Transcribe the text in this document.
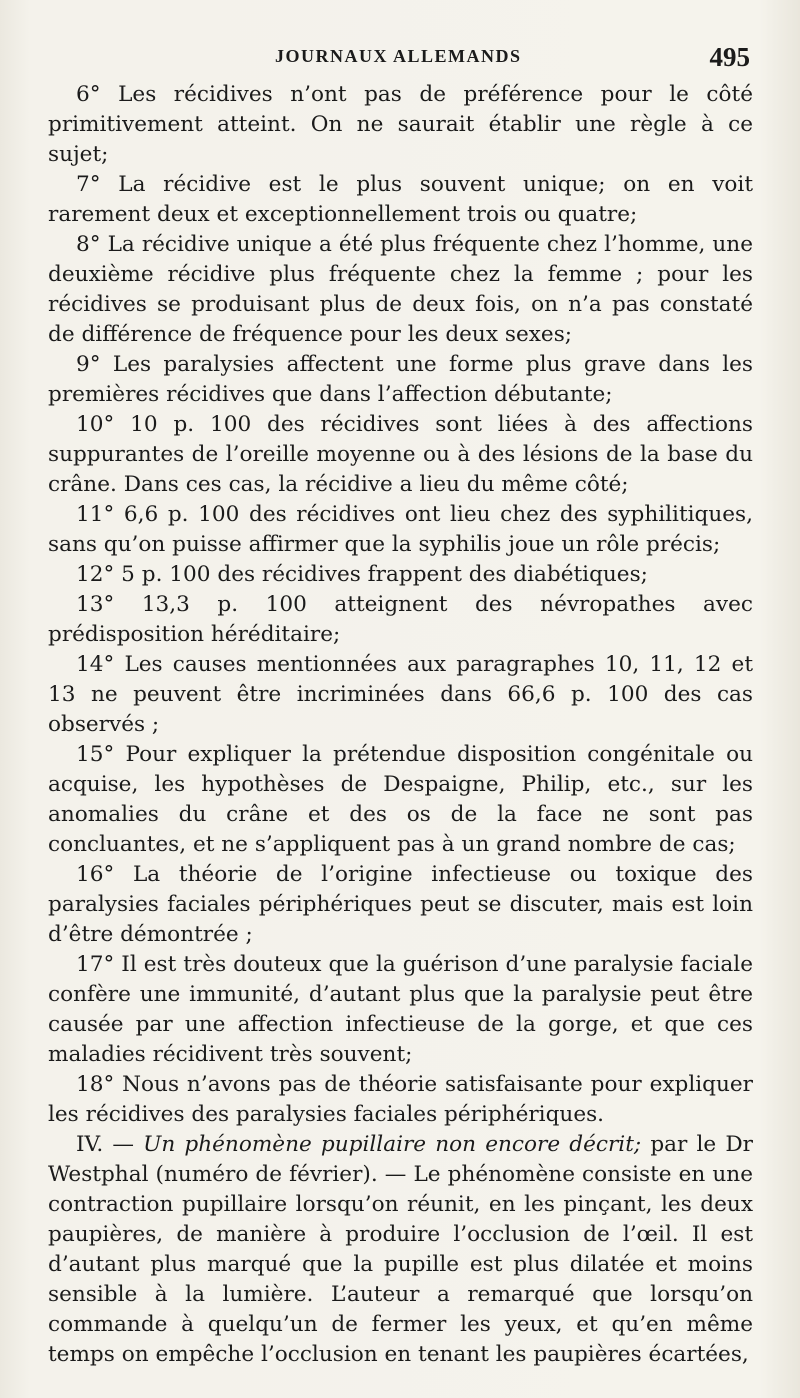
JOURNAUX ALLEMANDS	495

6° Les récidives n’ont pas de préférence pour le côté primitivement atteint. On ne saurait établir une règle à ce sujet;

7° La récidive est le plus souvent unique; on en voit rarement deux et exceptionnellement trois ou quatre;

8° La récidive unique a été plus fréquente chez l’homme, une deuxième récidive plus fréquente chez la femme ; pour les récidives se produisant plus de deux fois, on n’a pas constaté de différence de fréquence pour les deux sexes;

9° Les paralysies affectent une forme plus grave dans les premières récidives que dans l’affection débutante;

10° 10 p. 100 des récidives sont liées à des affections suppurantes de l’oreille moyenne ou à des lésions de la base du crâne. Dans ces cas, la récidive a lieu du même côté;

11° 6,6 p. 100 des récidives ont lieu chez des syphilitiques, sans qu’on puisse affirmer que la syphilis joue un rôle précis;

12° 5 p. 100 des récidives frappent des diabétiques;

13° 13,3 p. 100 atteignent des névropathes avec prédisposition héréditaire;

14° Les causes mentionnées aux paragraphes 10, 11, 12 et 13 ne peuvent être incriminées dans 66,6 p. 100 des cas observés ;

15° Pour expliquer la prétendue disposition congénitale ou acquise, les hypothèses de Despaigne, Philip, etc., sur les anomalies du crâne et des os de la face ne sont pas concluantes, et ne s’appliquent pas à un grand nombre de cas;

16° La théorie de l’origine infectieuse ou toxique des paralysies faciales périphériques peut se discuter, mais est loin d’être démontrée ;

17° Il est très douteux que la guérison d’une paralysie faciale confère une immunité, d’autant plus que la paralysie peut être causée par une affection infectieuse de la gorge, et que ces maladies récidivent très souvent;

18° Nous n’avons pas de théorie satisfaisante pour expliquer les récidives des paralysies faciales périphériques.

IV. — Un phénomène pupillaire non encore décrit; par le Dr Westphal (numéro de février). — Le phénomène consiste en une contraction pupillaire lorsqu’on réunit, en les pinçant, les deux paupières, de manière à produire l’occlusion de l’œil. Il est d’autant plus marqué que la pupille est plus dilatée et moins sensible à la lumière. L’auteur a remarqué que lorsqu’on commande à quelqu’un de fermer les yeux, et qu’en même temps on empêche l’occlusion en tenant les paupières écartées,
